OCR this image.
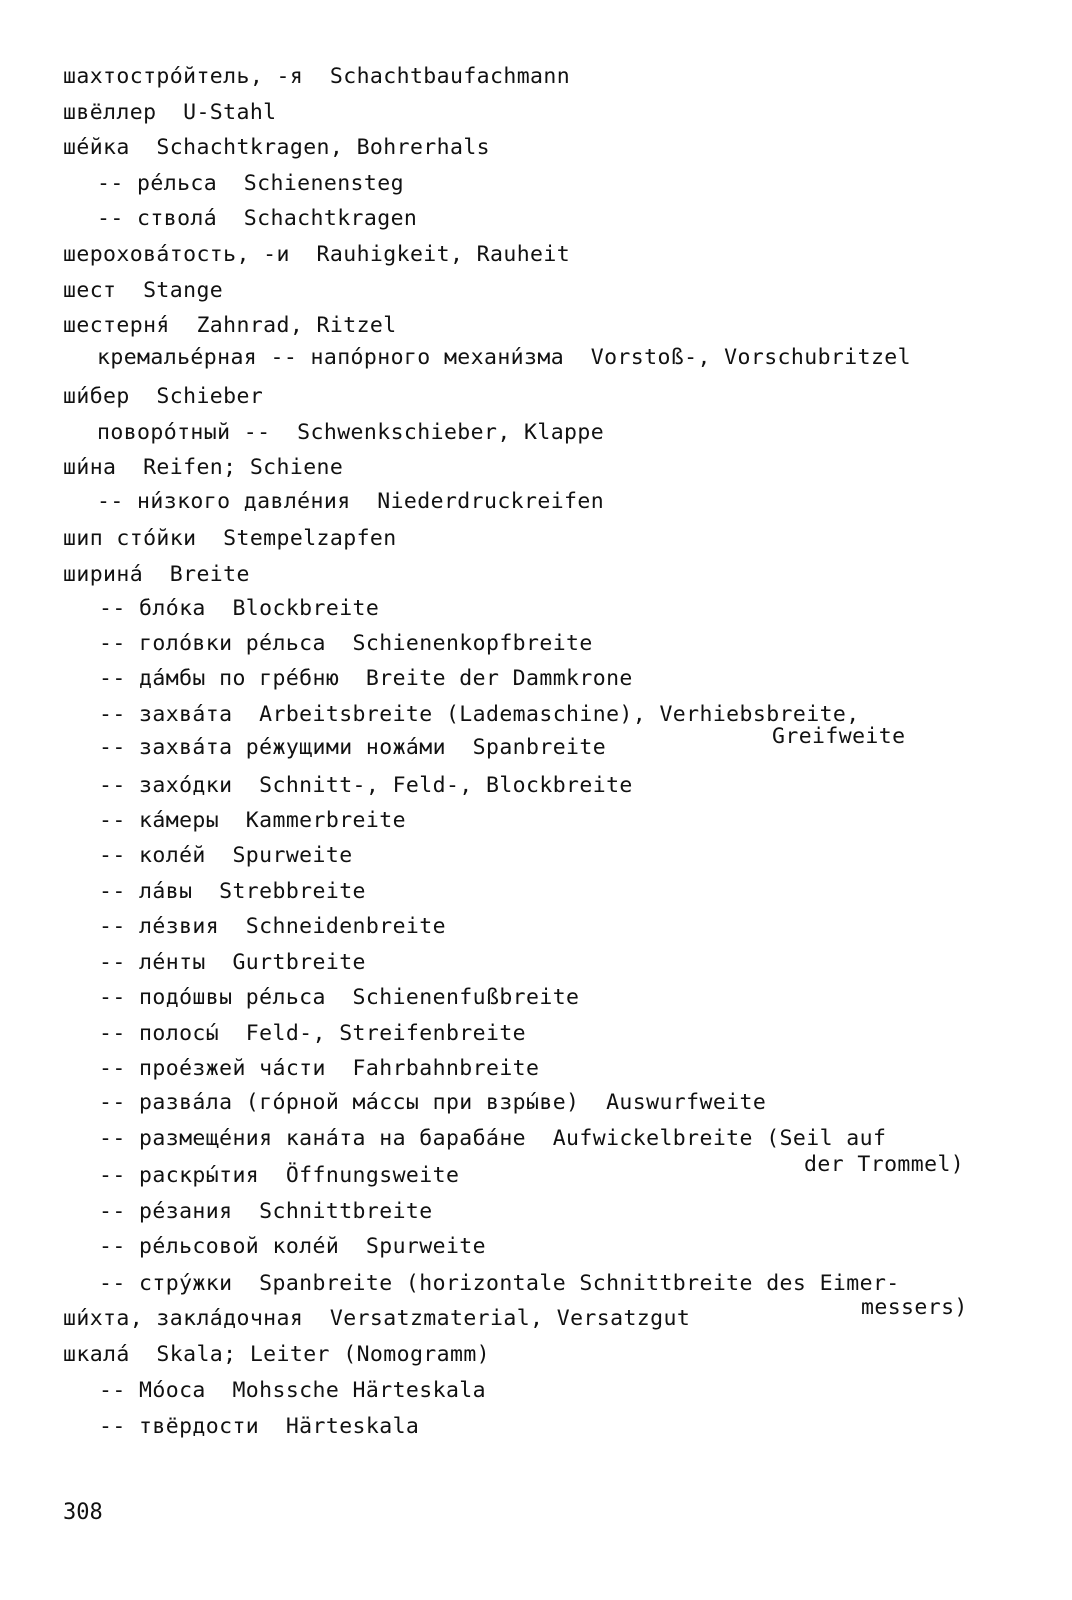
шахтостро́йтель, -я  Schachtbaufachmann
швёллер  U-Stahl
ше́йка  Schachtkragen, Bohrerhals
-- ре́льса  Schienensteg
-- ствола́  Schachtkragen
шерохова́тость, -и  Rauhigkeit, Rauheit
шест  Stange
шестерня́  Zahnrad, Ritzel
кремалье́рная -- напо́рного механи́зма  Vorstoß-, Vorschubritzel
ши́бер  Schieber
поворо́тный --  Schwenkschieber, Klappe
ши́на  Reifen; Schiene
-- ни́зкого давле́ния  Niederdruckreifen
шип сто́йки  Stempelzapfen
ширина́  Breite
-- бло́ка  Blockbreite
-- голо́вки ре́льса  Schienenkopfbreite
-- да́мбы по гре́бню  Breite der Dammkrone
-- захва́та  Arbeitsbreite (Lademaschine), Verhiebsbreite,
-- захва́та ре́жущими ножа́ми  Spanbreite	Greifweite
-- захо́дки  Schnitt-, Feld-, Blockbreite
-- ка́меры  Kammerbreite
-- коле́й  Spurweite
-- ла́вы  Strebbreite
-- ле́звия  Schneidenbreite
-- ле́нты  Gurtbreite
-- подо́швы ре́льса  Schienenfußbreite
-- полосы́  Feld-, Streifenbreite
-- прое́зжей ча́сти  Fahrbahnbreite
-- разва́ла (го́рной ма́ссы при взры́ве)  Auswurfweite
-- размеще́ния кана́та на бараба́не  Aufwickelbreite (Seil auf
der Trommel)
-- раскры́тия  Öffnungsweite
-- ре́зания  Schnittbreite
-- ре́льсовой коле́й  Spurweite
-- стру́жки  Spanbreite (horizontale Schnittbreite des Eimer-
messers)
ши́хта, закла́дочная  Versatzmaterial, Versatzgut
шкала́  Skala; Leiter (Nomogramm)
-- Мо́оса  Mohssche Härteskala
-- твёрдости  Härteskala
308
